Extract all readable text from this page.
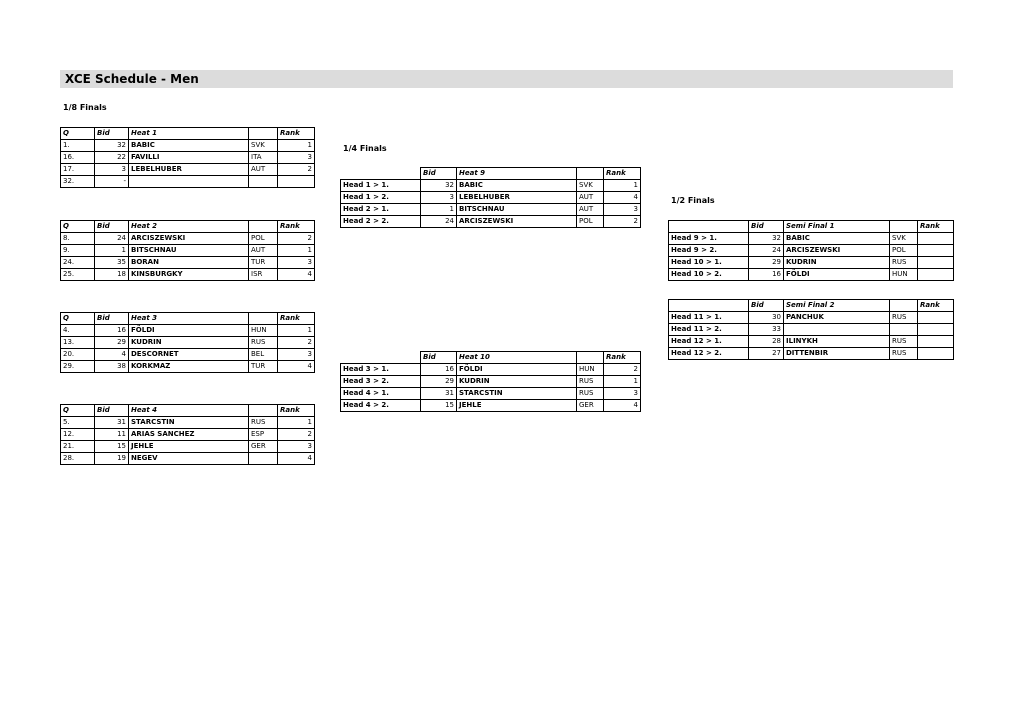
XCE Schedule - Men
1/8 Finals
1/4 Finals
1/2 Finals
Q	Bid	Heat 1		Rank
1.	32	BABIC	SVK	1
16.	22	FAVILLI	ITA	3
17.	3	LEBELHUBER	AUT	2
32.	-			
Q	Bid	Heat 2		Rank
8.	24	ARCISZEWSKI	POL	2
9.	1	BITSCHNAU	AUT	1
24.	35	BORAN	TUR	3
25.	18	KINSBURGKY	ISR	4
Q	Bid	Heat 3		Rank
4.	16	FÖLDI	HUN	1
13.	29	KUDRIN	RUS	2
20.	4	DESCORNET	BEL	3
29.	38	KORKMAZ	TUR	4
Q	Bid	Heat 4		Rank
5.	31	STARCSTIN	RUS	1
12.	11	ARIAS SANCHEZ	ESP	2
21.	15	JEHLE	GER	3
28.	19	NEGEV		4
	Bid	Heat 9		Rank
Head 1 > 1.	32	BABIC	SVK	1
Head 1 > 2.	3	LEBELHUBER	AUT	4
Head 2 > 1.	1	BITSCHNAU	AUT	3
Head 2 > 2.	24	ARCISZEWSKI	POL	2
	Bid	Heat 10		Rank
Head 3 > 1.	16	FÖLDI	HUN	2
Head 3 > 2.	29	KUDRIN	RUS	1
Head 4 > 1.	31	STARCSTIN	RUS	3
Head 4 > 2.	15	JEHLE	GER	4
	Bid	Semi Final 1		Rank
Head 9 > 1.	32	BABIC	SVK	
Head 9 > 2.	24	ARCISZEWSKI	POL	
Head 10 > 1.	29	KUDRIN	RUS	
Head 10 > 2.	16	FÖLDI	HUN	
	Bid	Semi Final 2		Rank
Head 11 > 1.	30	PANCHUK	RUS	
Head 11 > 2.	33			
Head 12 > 1.	28	ILINYKH	RUS	
Head 12 > 2.	27	DITTENBIR	RUS	
